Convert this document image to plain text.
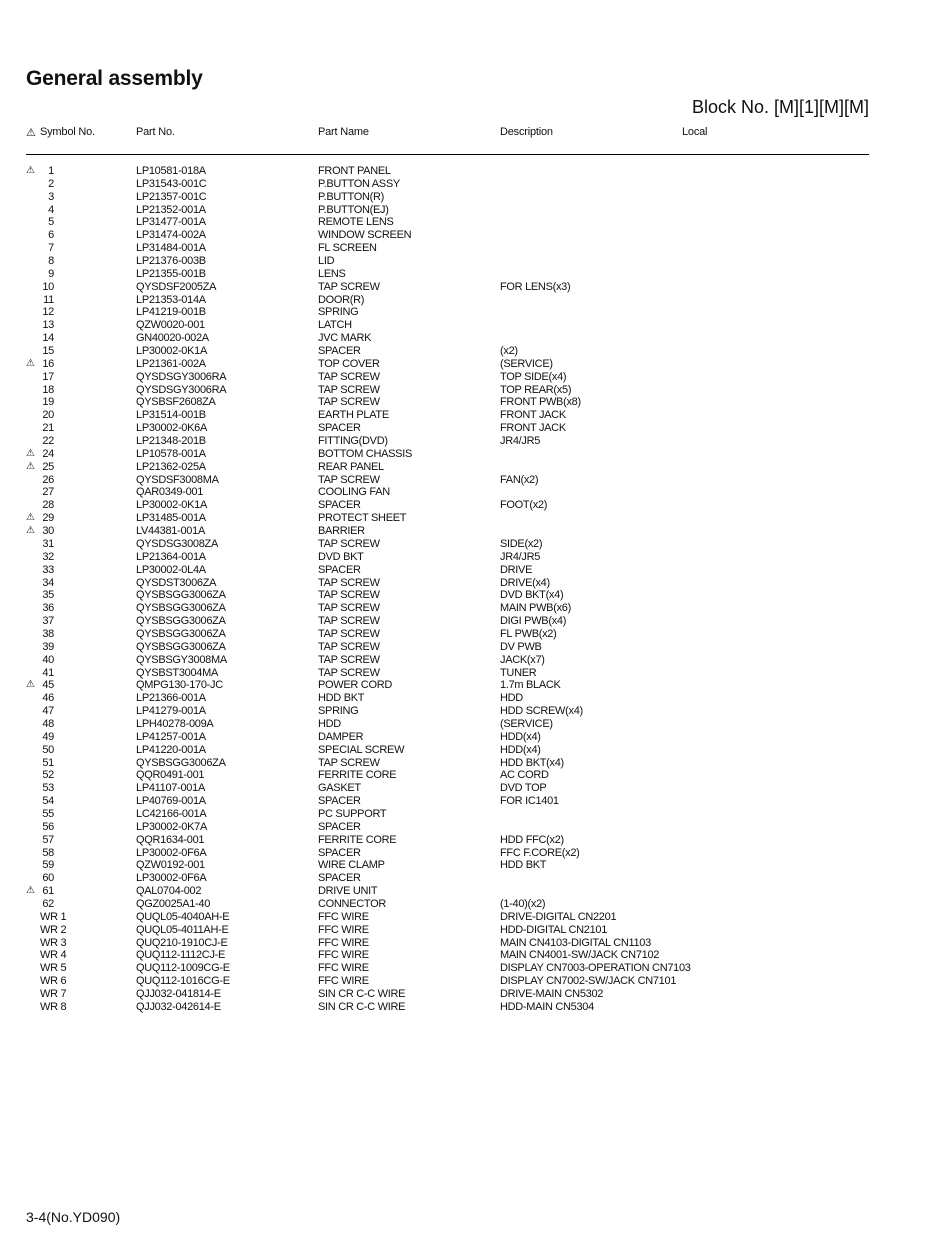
General assembly
Block No. [M][1][M][M]
⚠ Symbol No.	Part No.	Part Name	Description	Local
⚠	1	LP10581-018A	FRONT PANEL
2	LP31543-001C	P.BUTTON ASSY
3	LP21357-001C	P.BUTTON(R)
4	LP21352-001A	P.BUTTON(EJ)
5	LP31477-001A	REMOTE LENS
6	LP31474-002A	WINDOW SCREEN
7	LP31484-001A	FL SCREEN
8	LP21376-003B	LID
9	LP21355-001B	LENS
10	QYSDSF2005ZA	TAP SCREW	FOR LENS(x3)
11	LP21353-014A	DOOR(R)
12	LP41219-001B	SPRING
13	QZW0020-001	LATCH
14	GN40020-002A	JVC MARK
15	LP30002-0K1A	SPACER	(x2)
⚠ 16	LP21361-002A	TOP COVER	(SERVICE)
17	QYSDSGY3006RA	TAP SCREW	TOP SIDE(x4)
18	QYSDSGY3006RA	TAP SCREW	TOP REAR(x5)
19	QYSBSF2608ZA	TAP SCREW	FRONT PWB(x8)
20	LP31514-001B	EARTH PLATE	FRONT JACK
21	LP30002-0K6A	SPACER	FRONT JACK
22	LP21348-201B	FITTING(DVD)	JR4/JR5
⚠ 24	LP10578-001A	BOTTOM CHASSIS
⚠ 25	LP21362-025A	REAR PANEL
26	QYSDSF3008MA	TAP SCREW	FAN(x2)
27	QAR0349-001	COOLING FAN
28	LP30002-0K1A	SPACER	FOOT(x2)
⚠ 29	LP31485-001A	PROTECT SHEET
⚠ 30	LV44381-001A	BARRIER
31	QYSDSG3008ZA	TAP SCREW	SIDE(x2)
32	LP21364-001A	DVD BKT	JR4/JR5
33	LP30002-0L4A	SPACER	DRIVE
34	QYSDST3006ZA	TAP SCREW	DRIVE(x4)
35	QYSBSGG3006ZA	TAP SCREW	DVD BKT(x4)
36	QYSBSGG3006ZA	TAP SCREW	MAIN PWB(x6)
37	QYSBSGG3006ZA	TAP SCREW	DIGI PWB(x4)
38	QYSBSGG3006ZA	TAP SCREW	FL PWB(x2)
39	QYSBSGG3006ZA	TAP SCREW	DV PWB
40	QYSBSGY3008MA	TAP SCREW	JACK(x7)
41	QYSBST3004MA	TAP SCREW	TUNER
⚠ 45	QMPG130-170-JC	POWER CORD	1.7m BLACK
46	LP21366-001A	HDD BKT	HDD
47	LP41279-001A	SPRING	HDD SCREW(x4)
48	LPH40278-009A	HDD	(SERVICE)
49	LP41257-001A	DAMPER	HDD(x4)
50	LP41220-001A	SPECIAL SCREW	HDD(x4)
51	QYSBSGG3006ZA	TAP SCREW	HDD BKT(x4)
52	QQR0491-001	FERRITE CORE	AC CORD
53	LP41107-001A	GASKET	DVD TOP
54	LP40769-001A	SPACER	FOR IC1401
55	LC42166-001A	PC SUPPORT
56	LP30002-0K7A	SPACER
57	QQR1634-001	FERRITE CORE	HDD FFC(x2)
58	LP30002-0F6A	SPACER	FFC F.CORE(x2)
59	QZW0192-001	WIRE CLAMP	HDD BKT
60	LP30002-0F6A	SPACER
⚠ 61	QAL0704-002	DRIVE UNIT
62	QGZ0025A1-40	CONNECTOR	(1-40)(x2)
WR 1	QUQL05-4040AH-E	FFC WIRE	DRIVE-DIGITAL CN2201
WR 2	QUQL05-4011AH-E	FFC WIRE	HDD-DIGITAL CN2101
WR 3	QUQ210-1910CJ-E	FFC WIRE	MAIN CN4103-DIGITAL CN1103
WR 4	QUQ112-1112CJ-E	FFC WIRE	MAIN CN4001-SW/JACK CN7102
WR 5	QUQ112-1009CG-E	FFC WIRE	DISPLAY CN7003-OPERATION CN7103
WR 6	QUQ112-1016CG-E	FFC WIRE	DISPLAY CN7002-SW/JACK CN7101
WR 7	QJJ032-041814-E	SIN CR C-C WIRE	DRIVE-MAIN CN5302
WR 8	QJJ032-042614-E	SIN CR C-C WIRE	HDD-MAIN CN5304
3-4(No.YD090)
